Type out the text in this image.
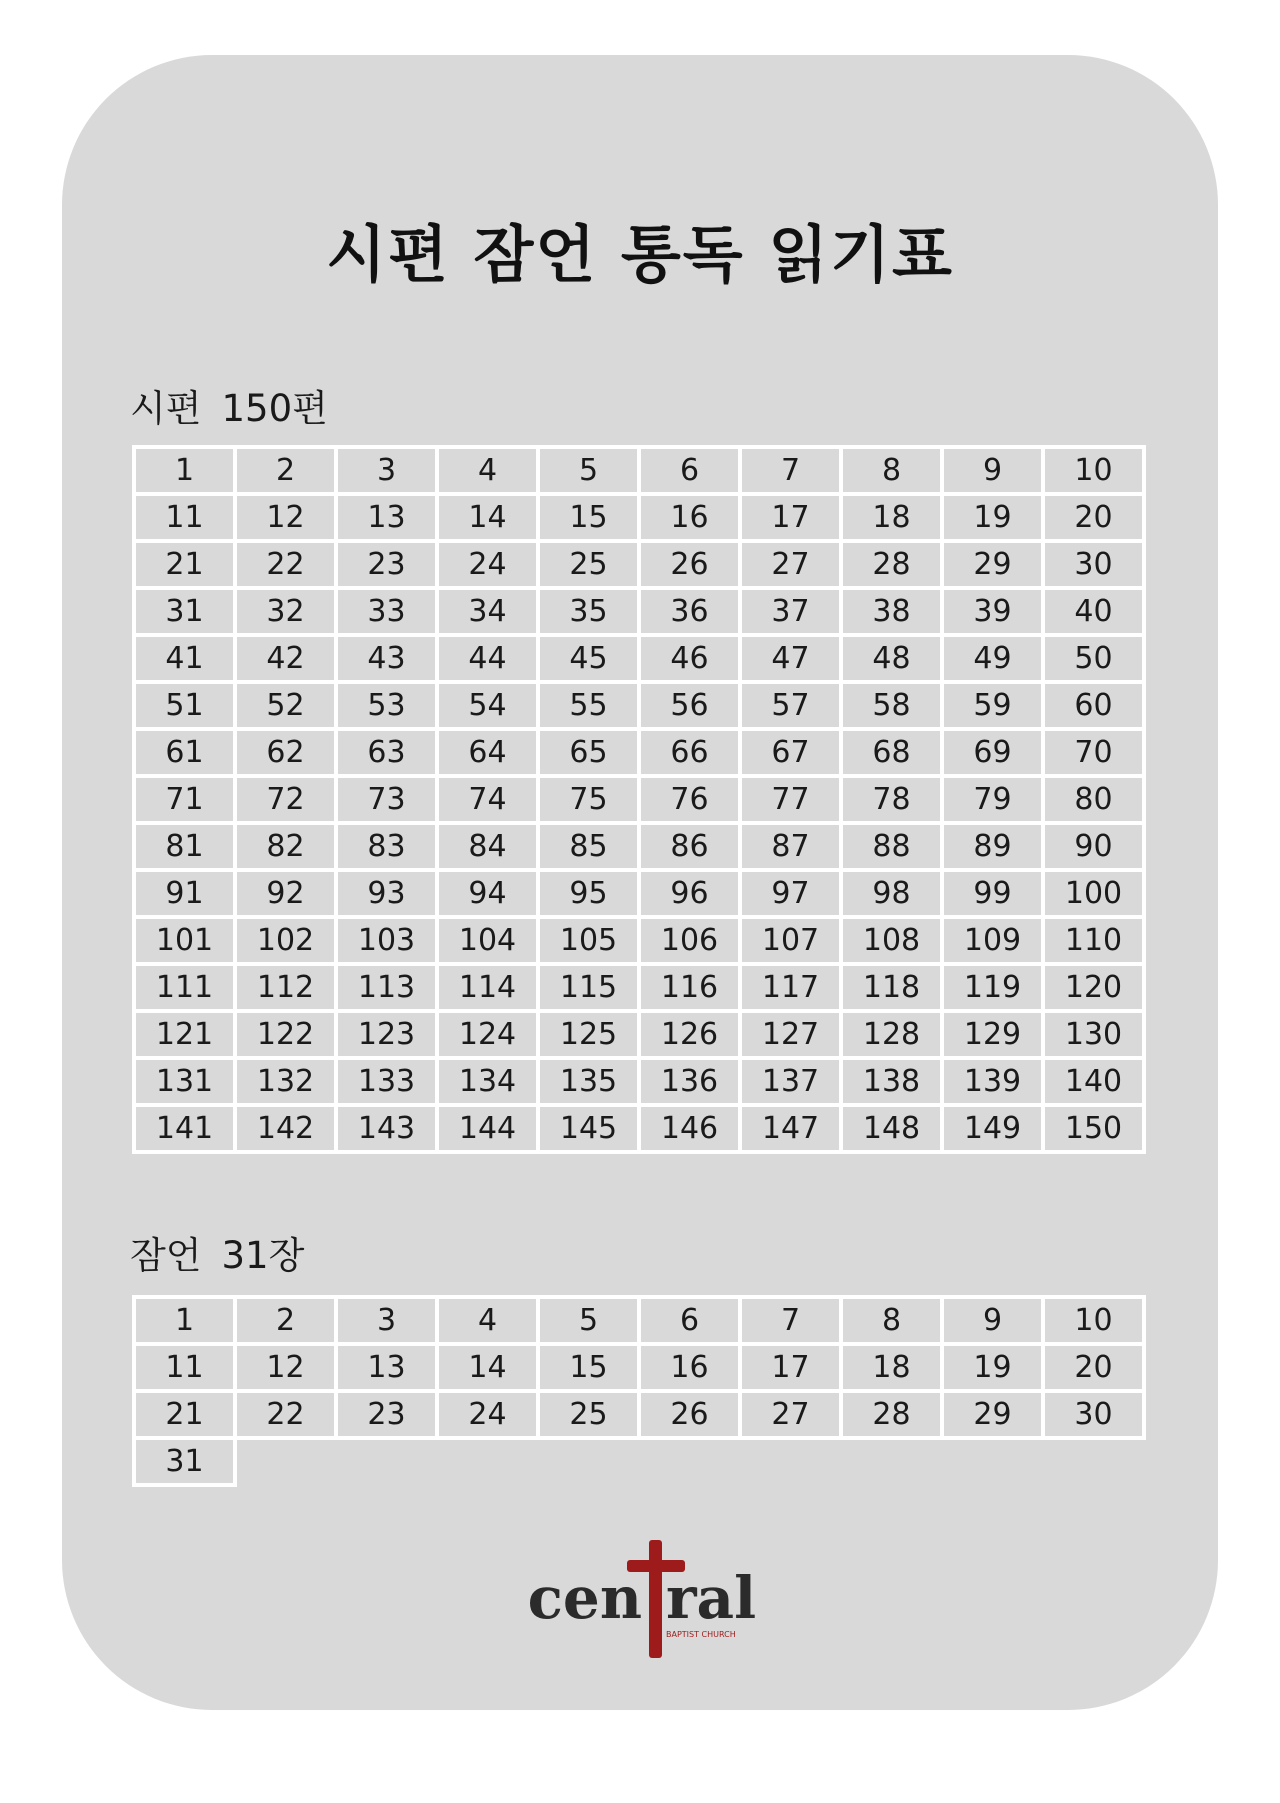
시편 잠언 통독 읽기표
시편 150편
1	2	3	4	5	6	7	8	9	10
11	12	13	14	15	16	17	18	19	20
21	22	23	24	25	26	27	28	29	30
31	32	33	34	35	36	37	38	39	40
41	42	43	44	45	46	47	48	49	50
51	52	53	54	55	56	57	58	59	60
61	62	63	64	65	66	67	68	69	70
71	72	73	74	75	76	77	78	79	80
81	82	83	84	85	86	87	88	89	90
91	92	93	94	95	96	97	98	99	100
101	102	103	104	105	106	107	108	109	110
111	112	113	114	115	116	117	118	119	120
121	122	123	124	125	126	127	128	129	130
131	132	133	134	135	136	137	138	139	140
141	142	143	144	145	146	147	148	149	150
잠언 31장
1	2	3	4	5	6	7	8	9	10
11	12	13	14	15	16	17	18	19	20
21	22	23	24	25	26	27	28	29	30
31
cen ral
BAPTIST CHURCH
